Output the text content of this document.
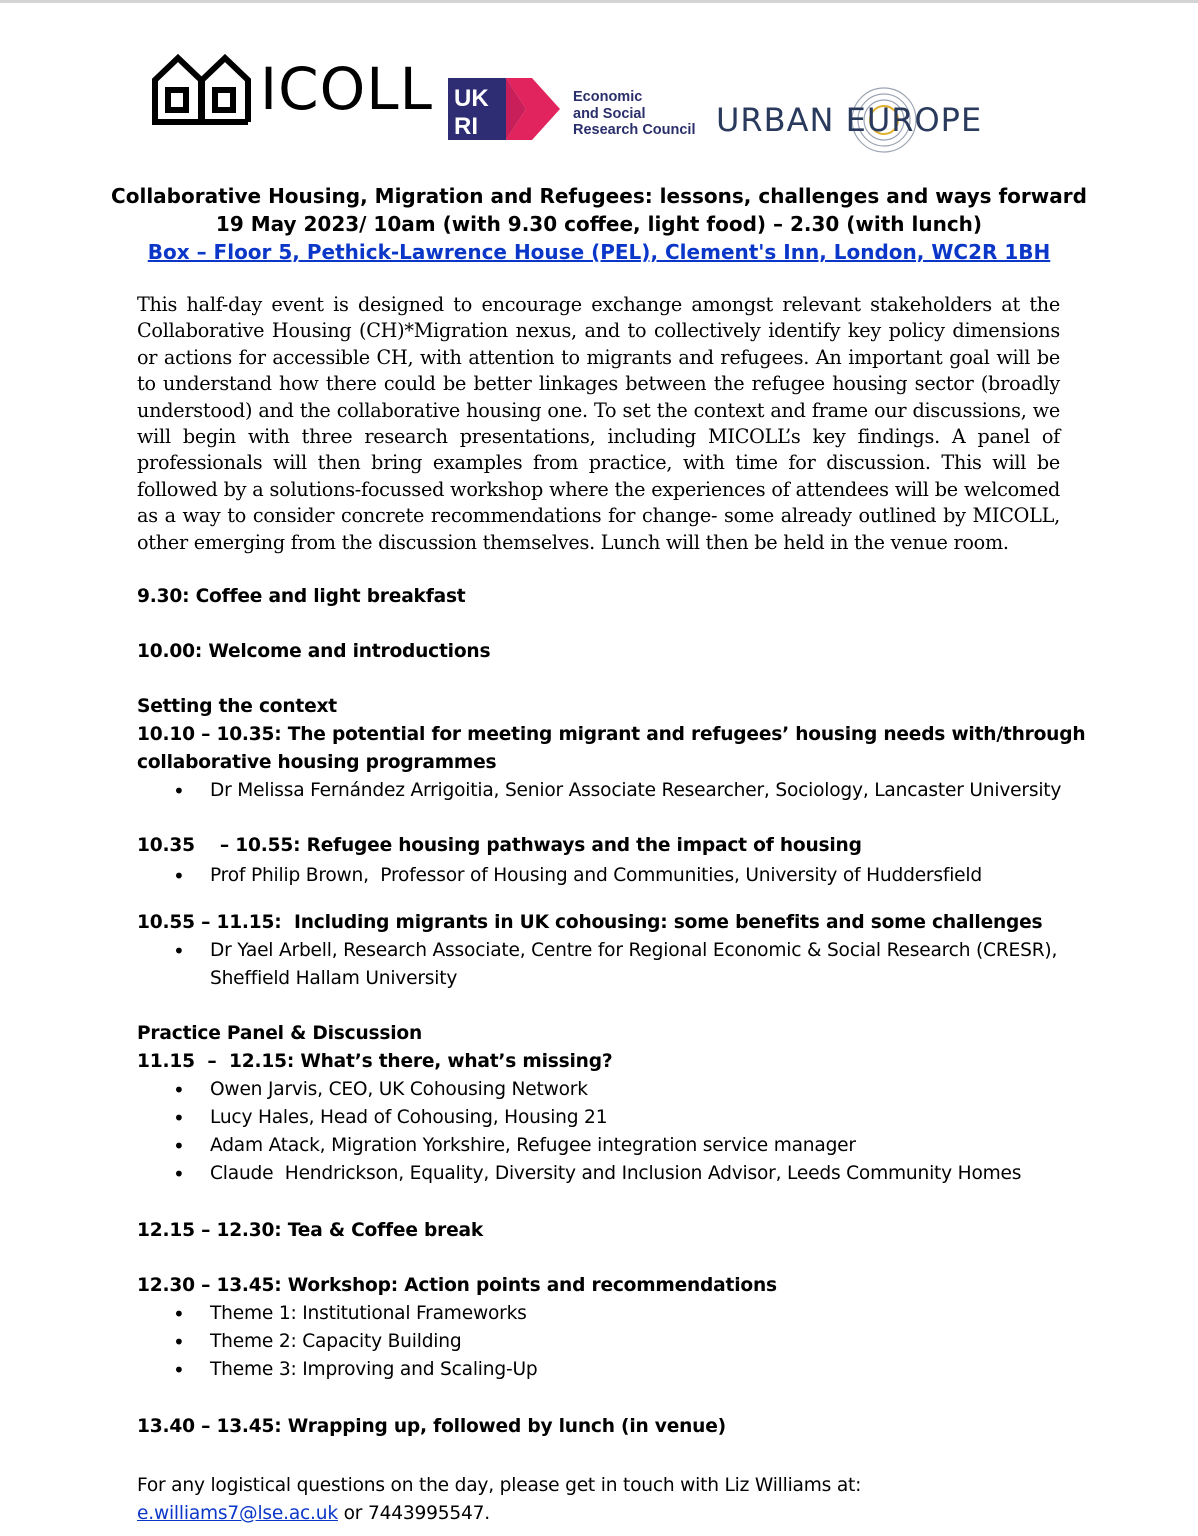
ICOLL UK
RI
Economic
and Social
Research Council URBAN EUROPE
Collaborative Housing, Migration and Refugees: lessons, challenges and ways forward
19 May 2023/ 10am (with 9.30 coffee, light food) – 2.30 (with lunch)
Box – Floor 5, Pethick-Lawrence House (PEL), Clement's Inn, London, WC2R 1BH
This half-day event is designed to encourage exchange amongst relevant stakeholders at the Collaborative Housing (CH)*Migration nexus, and to collectively identify key policy dimensions or actions for accessible CH, with attention to migrants and refugees. An important goal will be to understand how there could be better linkages between the refugee housing sector (broadly understood) and the collaborative housing one. To set the context and frame our discussions, we will begin with three research presentations, including MICOLL’s key findings. A panel of professionals will then bring examples from practice, with time for discussion. This will be followed by a solutions-focussed workshop where the experiences of attendees will be welcomed as a way to consider concrete recommendations for change- some already outlined by MICOLL, other emerging from the discussion themselves. Lunch will then be held in the venue room.
9.30: Coffee and light breakfast
10.00: Welcome and introductions
Setting the context
10.10 – 10.35: The potential for meeting migrant and refugees’ housing needs with/through
collaborative housing programmes
• Dr Melissa Fernández Arrigoitia, Senior Associate Researcher, Sociology, Lancaster University
10.35    – 10.55: Refugee housing pathways and the impact of housing
• Prof Philip Brown,  Professor of Housing and Communities, University of Huddersfield
10.55 – 11.15:  Including migrants in UK cohousing: some benefits and some challenges
• Dr Yael Arbell, Research Associate, Centre for Regional Economic & Social Research (CRESR),
Sheffield Hallam University
Practice Panel & Discussion
11.15  –  12.15: What’s there, what’s missing?
• Owen Jarvis, CEO, UK Cohousing Network
• Lucy Hales, Head of Cohousing, Housing 21
• Adam Atack, Migration Yorkshire, Refugee integration service manager
• Claude  Hendrickson, Equality, Diversity and Inclusion Advisor, Leeds Community Homes
12.15 – 12.30: Tea & Coffee break
12.30 – 13.45: Workshop: Action points and recommendations
• Theme 1: Institutional Frameworks
• Theme 2: Capacity Building
• Theme 3: Improving and Scaling-Up
13.40 – 13.45: Wrapping up, followed by lunch (in venue)
For any logistical questions on the day, please get in touch with Liz Williams at:
e.williams7@lse.ac.uk or 7443995547.
